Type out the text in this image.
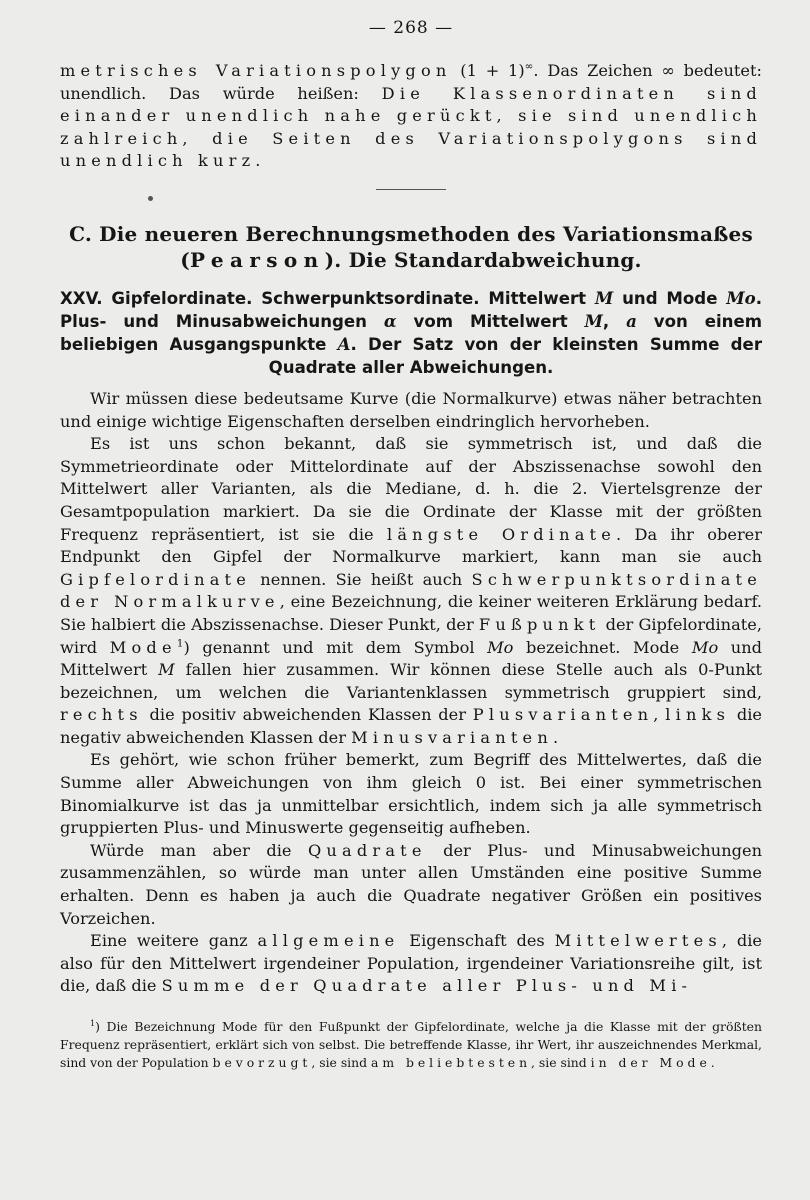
— 268 —

metrisches Variationspolygon (1 + 1)∞. Das Zeichen ∞ bedeutet: unendlich. Das würde heißen: Die Klassenordinaten sind einander unendlich nahe gerückt, sie sind unendlich zahlreich, die Seiten des Variationspolygons sind unendlich kurz.

C. Die neueren Berechnungsmethoden des Variationsmaßes
(Pearson). Die Standardabweichung.
XXV. Gipfelordinate. Schwerpunktsordinate. Mittelwert M und Mode Mo. Plus- und Minusabweichungen α vom Mittelwert M, a von einem beliebigen Ausgangspunkte A. Der Satz von der kleinsten Summe der Quadrate aller Abweichungen.

Wir müssen diese bedeutsame Kurve (die Normalkurve) etwas näher betrachten und einige wichtige Eigenschaften derselben eindringlich hervorheben.

Es ist uns schon bekannt, daß sie symmetrisch ist, und daß die Symmetrieordinate oder Mittelordinate auf der Abszissenachse sowohl den Mittelwert aller Varianten, als die Mediane, d. h. die 2. Viertelsgrenze der Gesamtpopulation markiert. Da sie die Ordinate der Klasse mit der größten Frequenz repräsentiert, ist sie die längste Ordinate. Da ihr oberer Endpunkt den Gipfel der Normalkurve markiert, kann man sie auch Gipfelordinate nennen. Sie heißt auch Schwerpunktsordinate der Normalkurve, eine Bezeichnung, die keiner weiteren Erklärung bedarf. Sie halbiert die Abszissenachse. Dieser Punkt, der Fußpunkt der Gipfelordinate, wird Mode$^1$) genannt und mit dem Symbol Mo bezeichnet. Mode Mo und Mittelwert M fallen hier zusammen. Wir können diese Stelle auch als 0-Punkt bezeichnen, um welchen die Variantenklassen symmetrisch gruppiert sind, rechts die positiv abweichenden Klassen der Plusvarianten, links die negativ abweichenden Klassen der Minusvarianten.

Es gehört, wie schon früher bemerkt, zum Begriff des Mittelwertes, daß die Summe aller Abweichungen von ihm gleich 0 ist. Bei einer symmetrischen Binomialkurve ist das ja unmittelbar ersichtlich, indem sich ja alle symmetrisch gruppierten Plus- und Minuswerte gegenseitig aufheben.

Würde man aber die Quadrate der Plus- und Minusabweichungen zusammenzählen, so würde man unter allen Umständen eine positive Summe erhalten. Denn es haben ja auch die Quadrate negativer Größen ein positives Vorzeichen.

Eine weitere ganz allgemeine Eigenschaft des Mittelwertes, die also für den Mittelwert irgendeiner Population, irgendeiner Variationsreihe gilt, ist die, daß die Summe der Quadrate aller Plus- und Mi-

$^1$) Die Bezeichnung Mode für den Fußpunkt der Gipfelordinate, welche ja die Klasse mit der größten Frequenz repräsentiert, erklärt sich von selbst. Die betreffende Klasse, ihr Wert, ihr auszeichnendes Merkmal, sind von der Population bevorzugt, sie sind am beliebtesten, sie sind in der Mode.
